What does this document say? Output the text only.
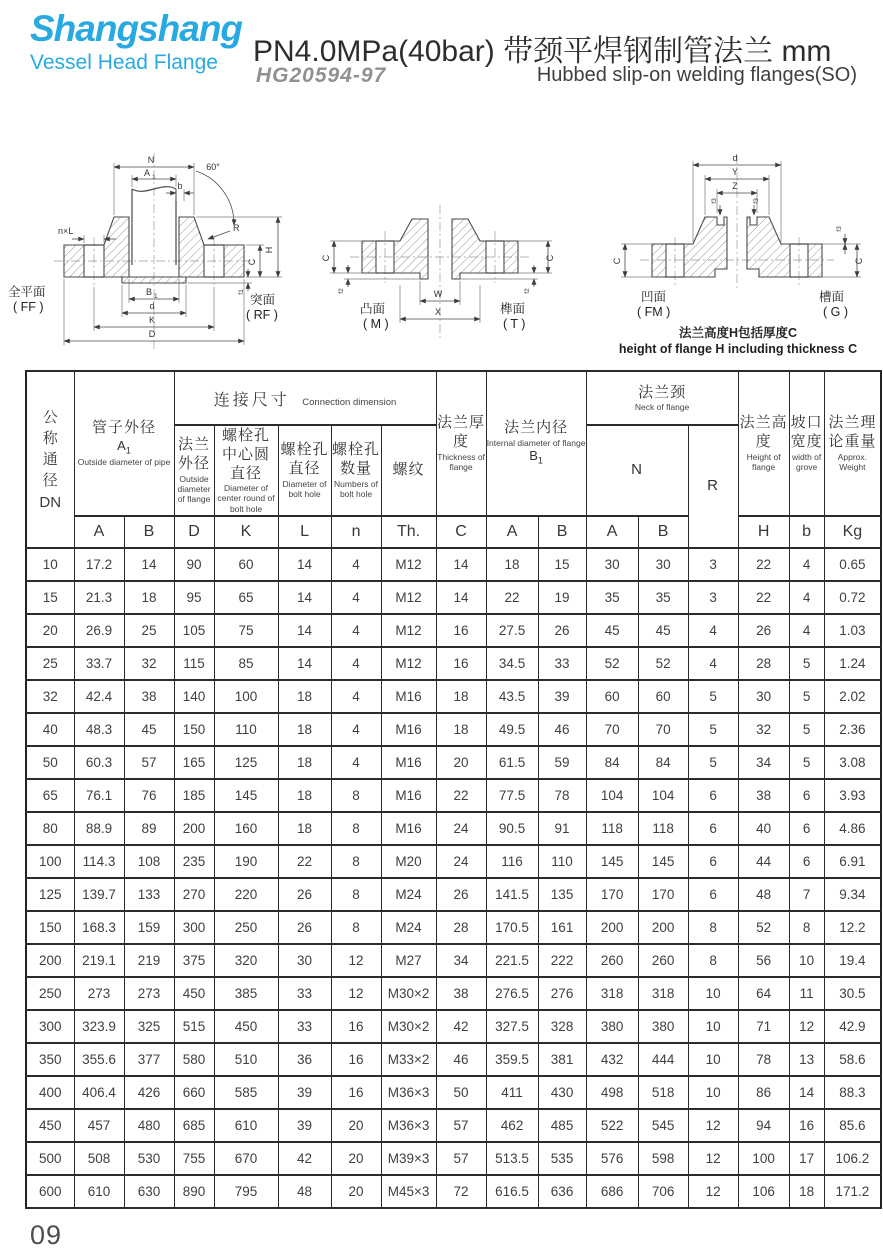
Shangshang
Vessel Head Flange	PN4.0MPa(40bar) 带颈平焊钢制管法兰 mm
HG20594-97	Hubbed slip-on welding flanges(SO)
N
A 1
60°
b
R
n×L
H
C
f1
B 1
d
K
D
全平面
( FF )	突面
( RF )
C
f2
C
f2
W
X
凸面
( M )
榫面
( T )
d
Y
Z
f3	f3
f3
C	C
凹面
( FM )
槽面
( G )
法兰高度H包括厚度C
height of flange H including thickness C
公称通径
DN	管子外径
$A_1$
Outside diameter of pipe		连接尺寸 Connection dimension					法兰厚度
Thickness of flange	法兰内径
Internal diameter of flange
$B_1$		法兰颈
Neck of flange			法兰高度
Height of flange	坡口宽度
width of grove	法兰理论重量
Approx. Weight

			法兰外径
Outside diameter of flange	螺栓孔中心圆直径
Diameter of center round of bolt hole	螺栓孔直径
Diameter of bolt hole	螺栓孔数量
Numbers of bolt hole	螺纹				N		R			

	A	B	D	K	L	n	Th.	C	A	B	A	B		H	b	Kg
10	17.2	14	90	60	14	4	M12	14	18	15	30	30	3	22	4	0.65
15	21.3	18	95	65	14	4	M12	14	22	19	35	35	3	22	4	0.72
20	26.9	25	105	75	14	4	M12	16	27.5	26	45	45	4	26	4	1.03
25	33.7	32	115	85	14	4	M12	16	34.5	33	52	52	4	28	5	1.24
32	42.4	38	140	100	18	4	M16	18	43.5	39	60	60	5	30	5	2.02
40	48.3	45	150	110	18	4	M16	18	49.5	46	70	70	5	32	5	2.36
50	60.3	57	165	125	18	4	M16	20	61.5	59	84	84	5	34	5	3.08
65	76.1	76	185	145	18	8	M16	22	77.5	78	104	104	6	38	6	3.93
80	88.9	89	200	160	18	8	M16	24	90.5	91	118	118	6	40	6	4.86
100	114.3	108	235	190	22	8	M20	24	116	110	145	145	6	44	6	6.91
125	139.7	133	270	220	26	8	M24	26	141.5	135	170	170	6	48	7	9.34
150	168.3	159	300	250	26	8	M24	28	170.5	161	200	200	8	52	8	12.2
200	219.1	219	375	320	30	12	M27	34	221.5	222	260	260	8	56	10	19.4
250	273	273	450	385	33	12	M30×2	38	276.5	276	318	318	10	64	11	30.5
300	323.9	325	515	450	33	16	M30×2	42	327.5	328	380	380	10	71	12	42.9
350	355.6	377	580	510	36	16	M33×2	46	359.5	381	432	444	10	78	13	58.6
400	406.4	426	660	585	39	16	M36×3	50	411	430	498	518	10	86	14	88.3
450	457	480	685	610	39	20	M36×3	57	462	485	522	545	12	94	16	85.6
500	508	530	755	670	42	20	M39×3	57	513.5	535	576	598	12	100	17	106.2
600	610	630	890	795	48	20	M45×3	72	616.5	636	686	706	12	106	18	171.2
09
